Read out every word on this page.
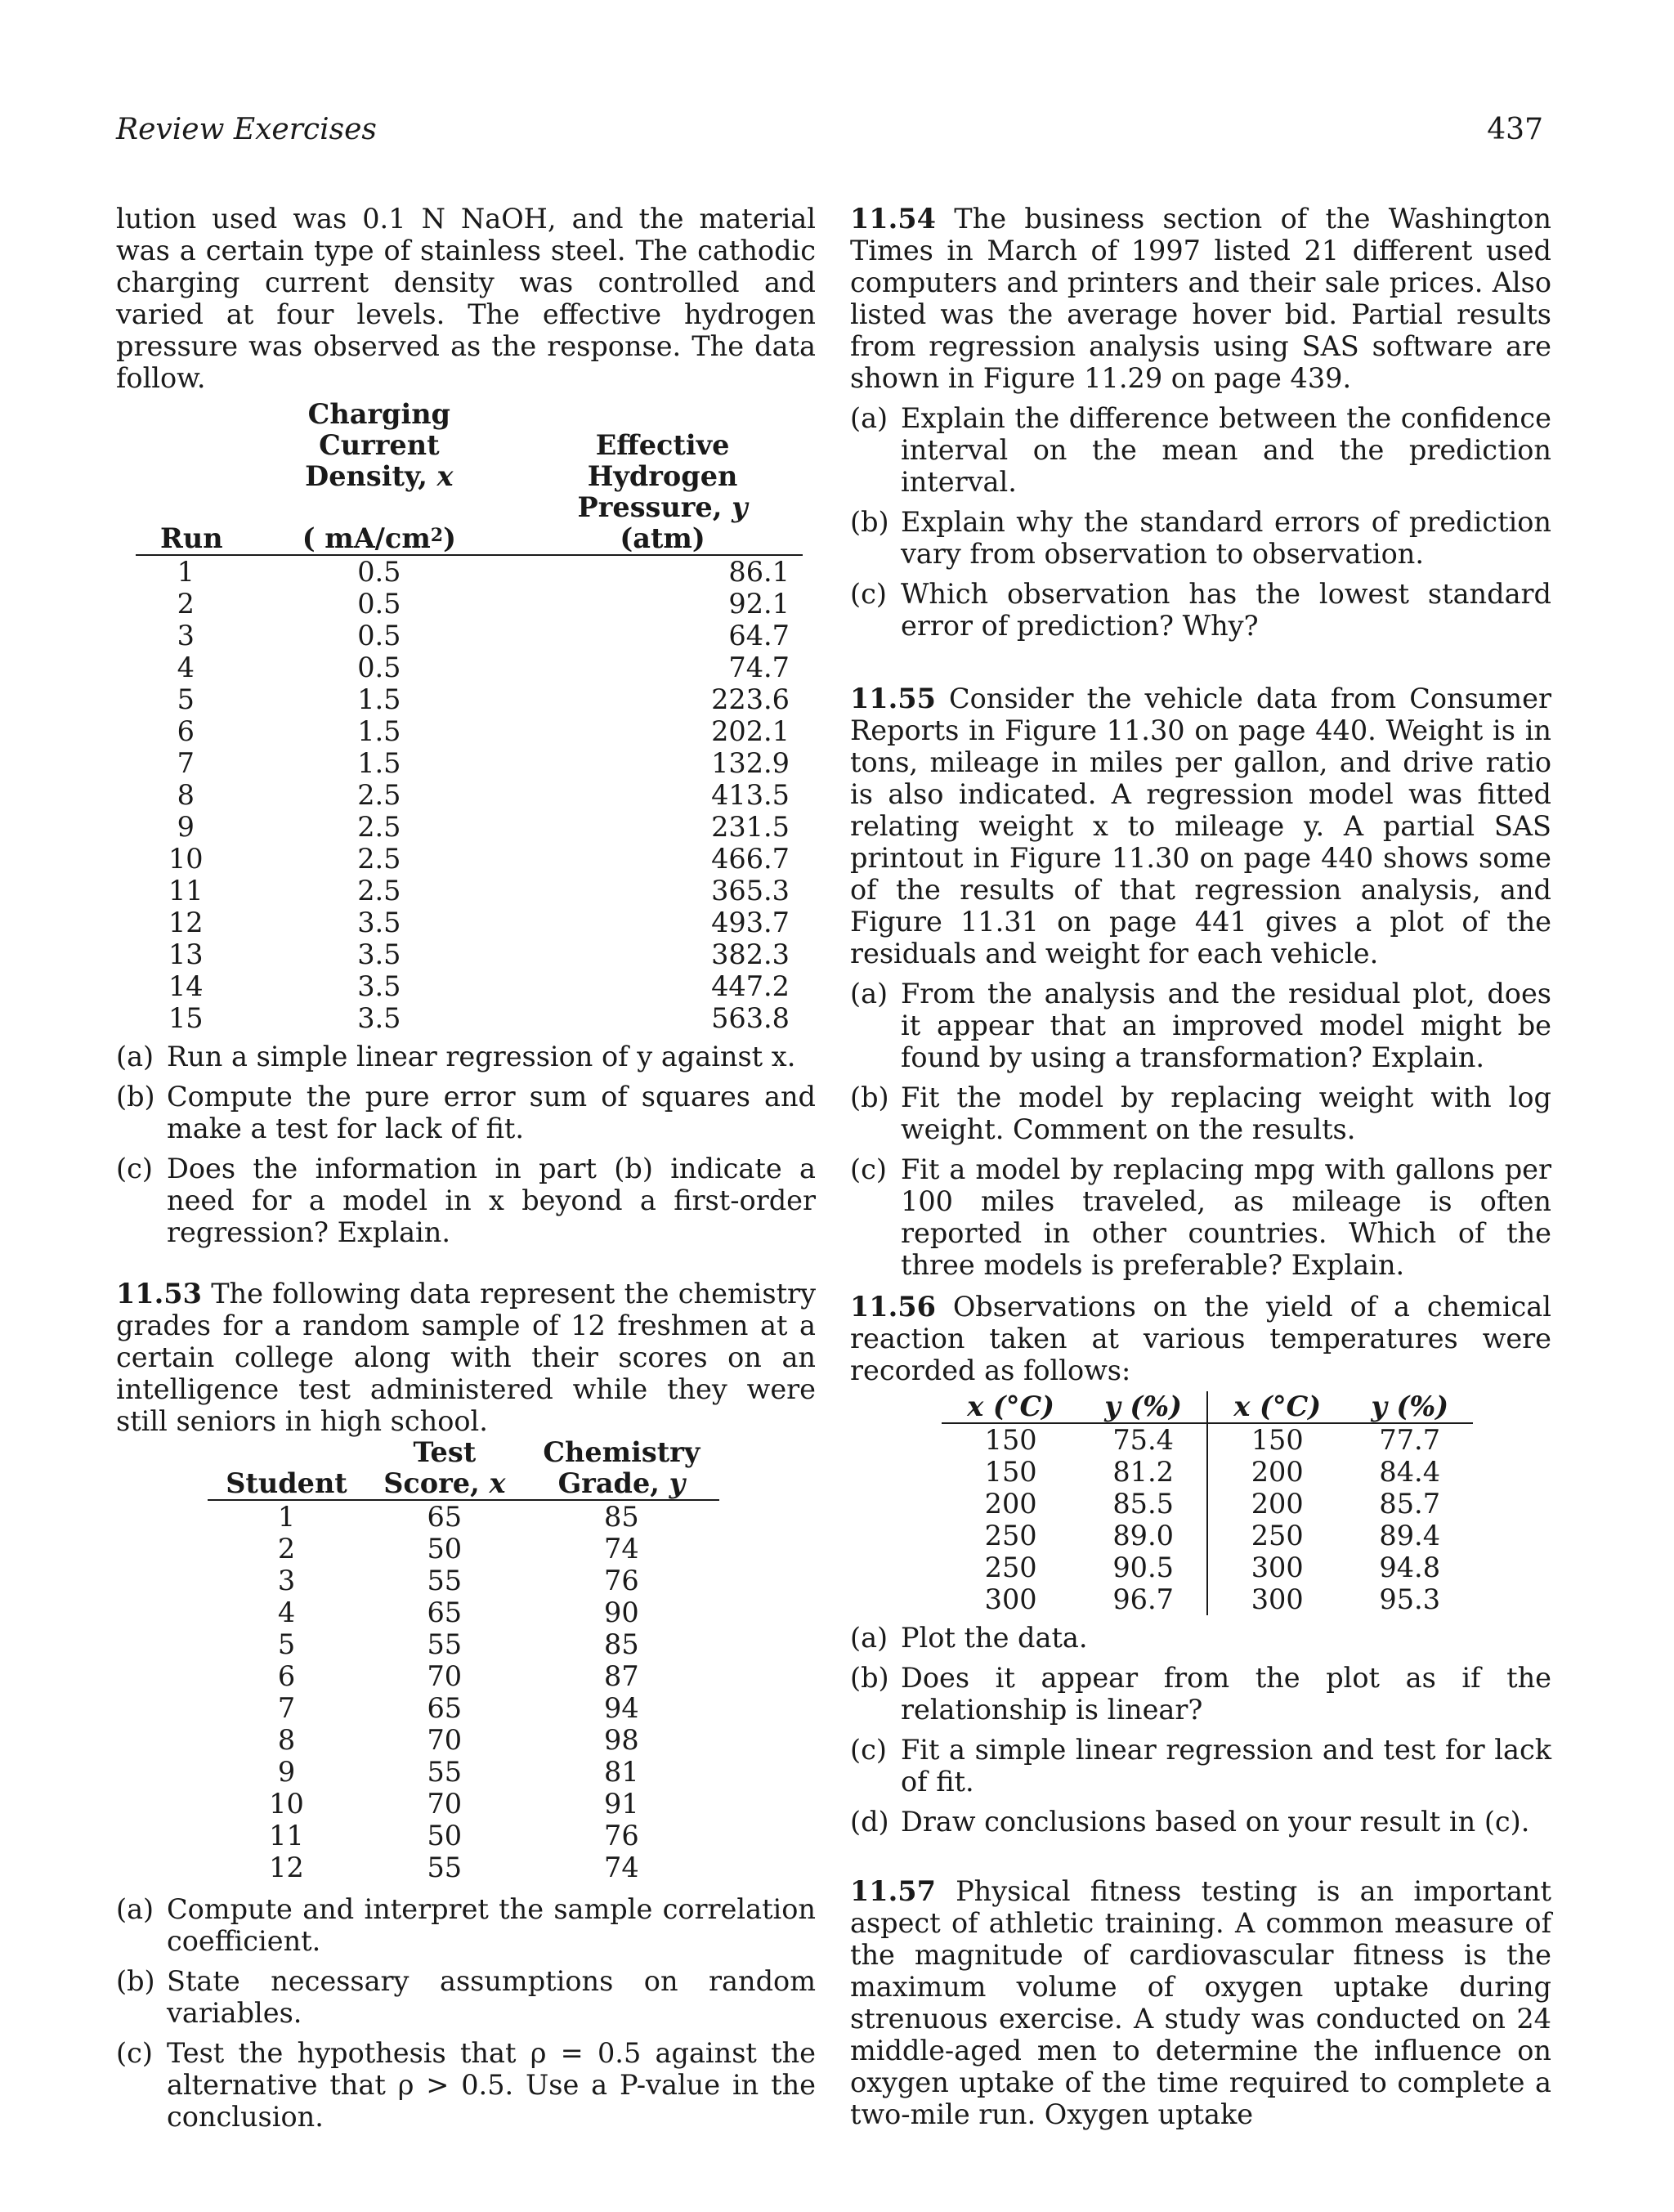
Review Exercises	437

lution used was 0.1 N NaOH, and the material was a certain type of stainless steel. The cathodic charging current density was controlled and varied at four levels. The effective hydrogen pressure was observed as the response. The data follow.

	Charging Current	Effective
	Density, x	Hydrogen
Run	( $mA/cm^2$)	Pressure, y (atm)
1	0.5	86.1
2	0.5	92.1
3	0.5	64.7
4	0.5	74.7
5	1.5	223.6
6	1.5	202.1
7	1.5	132.9
8	2.5	413.5
9	2.5	231.5
10	2.5	466.7
11	2.5	365.3
12	3.5	493.7
13	3.5	382.3
14	3.5	447.2
15	3.5	563.8
(a) Run a simple linear regression of y against x.
(b) Compute the pure error sum of squares and make a test for lack of fit.
(c) Does the information in part (b) indicate a need for a model in x beyond a first-order regression? Explain.

11.53 The following data represent the chemistry grades for a random sample of 12 freshmen at a certain college along with their scores on an intelligence test administered while they were still seniors in high school.

	Test	Chemistry
Student	Score, x	Grade, y
1	65	85
2	50	74
3	55	76
4	65	90
5	55	85
6	70	87
7	65	94
8	70	98
9	55	81
10	70	91
11	50	76
12	55	74
(a) Compute and interpret the sample correlation coefficient.
(b) State necessary assumptions on random variables.
(c) Test the hypothesis that ρ = 0.5 against the alternative that ρ > 0.5. Use a P-value in the conclusion.

11.54 The business section of the Washington Times in March of 1997 listed 21 different used computers and printers and their sale prices. Also listed was the average hover bid. Partial results from regression analysis using SAS software are shown in Figure 11.29 on page 439.

(a) Explain the difference between the confidence interval on the mean and the prediction interval.
(b) Explain why the standard errors of prediction vary from observation to observation.
(c) Which observation has the lowest standard error of prediction? Why?

11.55 Consider the vehicle data from Consumer Reports in Figure 11.30 on page 440. Weight is in tons, mileage in miles per gallon, and drive ratio is also indicated. A regression model was fitted relating weight x to mileage y. A partial SAS printout in Figure 11.30 on page 440 shows some of the results of that regression analysis, and Figure 11.31 on page 441 gives a plot of the residuals and weight for each vehicle.

(a) From the analysis and the residual plot, does it appear that an improved model might be found by using a transformation? Explain.
(b) Fit the model by replacing weight with log weight. Comment on the results.
(c) Fit a model by replacing mpg with gallons per 100 miles traveled, as mileage is often reported in other countries. Which of the three models is preferable? Explain.

11.56 Observations on the yield of a chemical reaction taken at various temperatures were recorded as follows:

x (°C)	y (%)	x (°C)	y (%)
150	75.4	150	77.7
150	81.2	200	84.4
200	85.5	200	85.7
250	89.0	250	89.4
250	90.5	300	94.8
300	96.7	300	95.3
(a) Plot the data.
(b) Does it appear from the plot as if the relationship is linear?
(c) Fit a simple linear regression and test for lack of fit.
(d) Draw conclusions based on your result in (c).

11.57 Physical fitness testing is an important aspect of athletic training. A common measure of the magnitude of cardiovascular fitness is the maximum volume of oxygen uptake during strenuous exercise. A study was conducted on 24 middle-aged men to determine the influence on oxygen uptake of the time required to complete a two-mile run. Oxygen uptake
